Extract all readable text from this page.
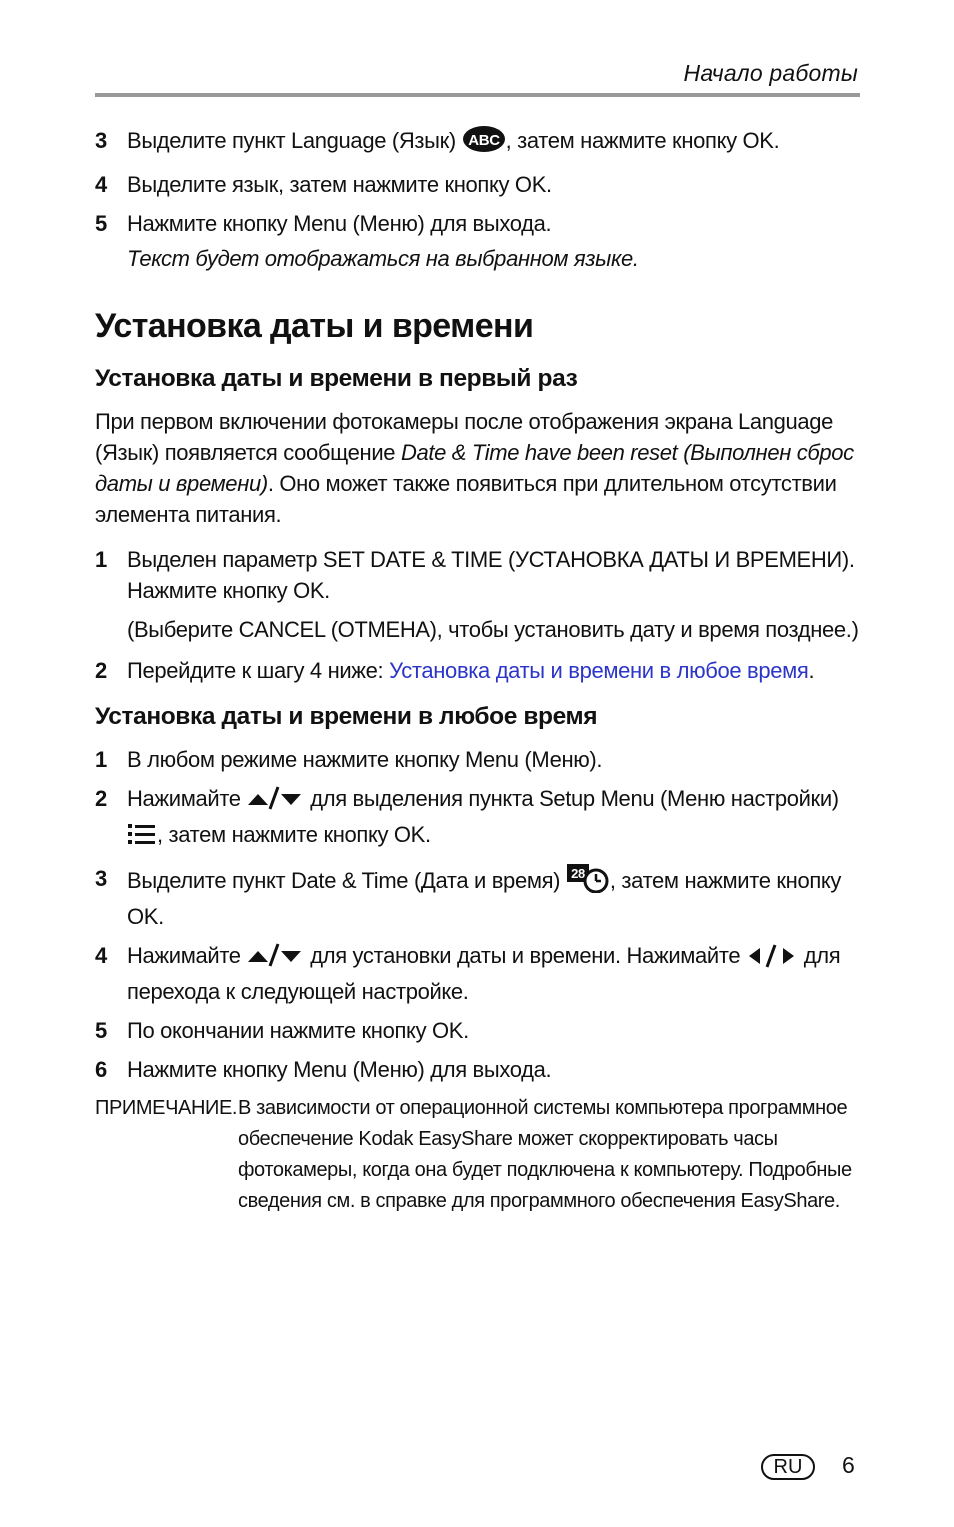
Начало работы
3 Выделите пункт Language (Язык) ABC , затем нажмите кнопку OK.
4 Выделите язык, затем нажмите кнопку OK.
5 Нажмите кнопку Menu (Меню) для выхода.
Текст будет отображаться на выбранном языке.
Установка даты и времени
Установка даты и времени в первый раз

При первом включении фотокамеры после отображения экрана Language (Язык) появляется сообщение Date & Time have been reset (Выполнен сброс даты и времени). Оно может также появиться при длительном отсутствии элемента питания.

1 Выделен параметр SET DATE & TIME (УСТАНОВКА ДАТЫ И ВРЕМЕНИ). Нажмите кнопку OK.

(Выберите CANCEL (ОТМЕНА), чтобы установить дату и время позднее.)

2 Перейдите к шагу 4 ниже: Установка даты и времени в любое время.
Установка даты и времени в любое время
1 В любом режиме нажмите кнопку Menu (Меню).
2 Нажимайте	для выделения пункта Setup Menu (Меню настройки)
, затем нажмите кнопку OK.
3 Выделите пункт Date & Time (Дата и время) 28 , затем нажмите кнопку OK.
4 Нажимайте	для установки даты и времени. Нажимайте	для перехода к следующей настройке.
5 По окончании нажмите кнопку OK.
6 Нажмите кнопку Menu (Меню) для выхода.
ПРИМЕЧАНИЕ. В зависимости от операционной системы компьютера программное обеспечение Kodak EasyShare может скорректировать часы фотокамеры, когда она будет подключена к компьютеру. Подробные сведения см. в справке для программного обеспечения EasyShare.
RU	6
